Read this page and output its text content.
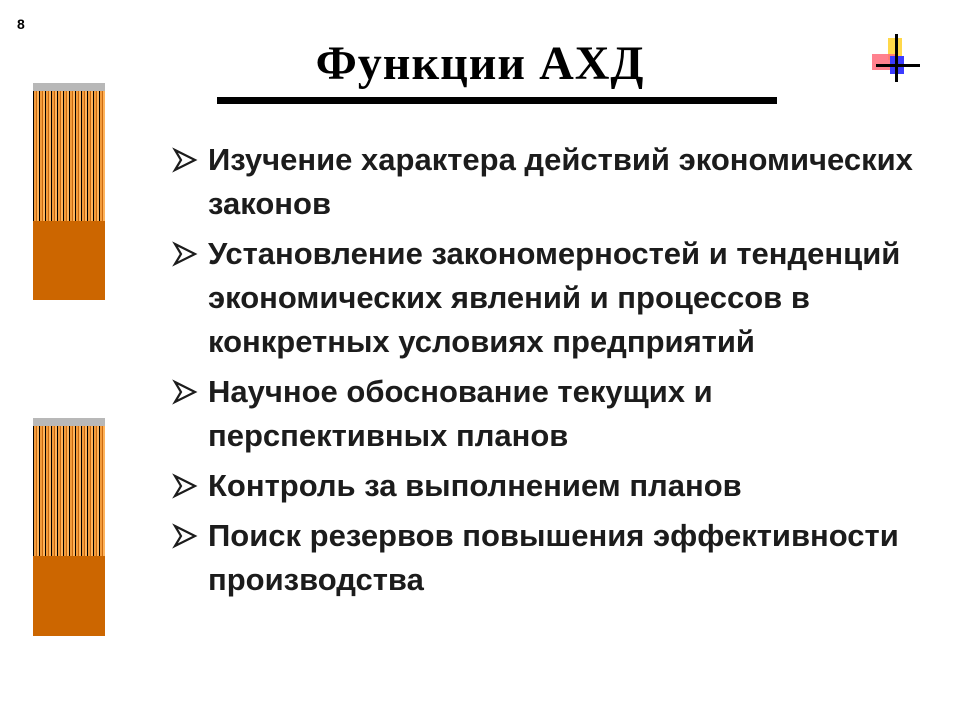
8
Функции АХД
Изучение характера действий экономических законов
Установление закономерностей и тенденций экономических явлений и процессов в конкретных условиях предприятий
Научное обоснование текущих и перспективных планов
Контроль за выполнением планов
Поиск резервов повышения эффективности производства
